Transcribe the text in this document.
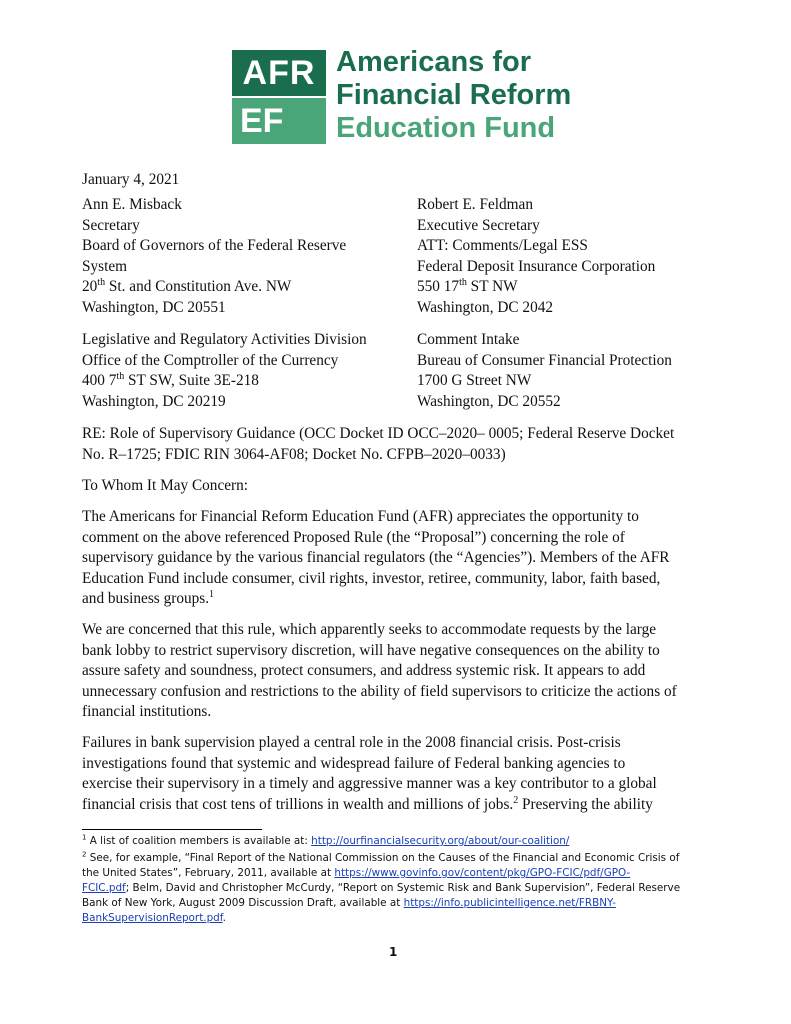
AFR
EF
Americans for
Financial Reform
Education Fund
January 4, 2021
Ann E. Misback
Secretary
Board of Governors of the Federal Reserve
System
20th St. and Constitution Ave. NW
Washington, DC 20551
Robert E. Feldman
Executive Secretary
ATT: Comments/Legal ESS
Federal Deposit Insurance Corporation
550 17th ST NW
Washington, DC 2042
Legislative and Regulatory Activities Division
Office of the Comptroller of the Currency
400 7th ST SW, Suite 3E-218
Washington, DC 20219
Comment Intake
Bureau of Consumer Financial Protection
1700 G Street NW
Washington, DC 20552
RE: Role of Supervisory Guidance (OCC Docket ID OCC–2020– 0005; Federal Reserve Docket
No. R–1725; FDIC RIN 3064-AF08; Docket No. CFPB–2020–0033)
To Whom It May Concern:
The Americans for Financial Reform Education Fund (AFR) appreciates the opportunity to
comment on the above referenced Proposed Rule (the “Proposal”) concerning the role of
supervisory guidance by the various financial regulators (the “Agencies”). Members of the AFR
Education Fund include consumer, civil rights, investor, retiree, community, labor, faith based,
and business groups.$^1$
We are concerned that this rule, which apparently seeks to accommodate requests by the large
bank lobby to restrict supervisory discretion, will have negative consequences on the ability to
assure safety and soundness, protect consumers, and address systemic risk. It appears to add
unnecessary confusion and restrictions to the ability of field supervisors to criticize the actions of
financial institutions.
Failures in bank supervision played a central role in the 2008 financial crisis. Post-crisis
investigations found that systemic and widespread failure of Federal banking agencies to
exercise their supervisory in a timely and aggressive manner was a key contributor to a global
financial crisis that cost tens of trillions in wealth and millions of jobs.$^2$ Preserving the ability
$^1$ A list of coalition members is available at: http://ourfinancialsecurity.org/about/our-coalition/
$^2$ See, for example, “Final Report of the National Commission on the Causes of the Financial and Economic Crisis of
the United States”, February, 2011, available at https://www.govinfo.gov/content/pkg/GPO-FCIC/pdf/GPO-
FCIC.pdf; Belm, David and Christopher McCurdy, “Report on Systemic Risk and Bank Supervision”, Federal Reserve
Bank of New York, August 2009 Discussion Draft, available at https://info.publicintelligence.net/FRBNY-
BankSupervisionReport.pdf.
1
